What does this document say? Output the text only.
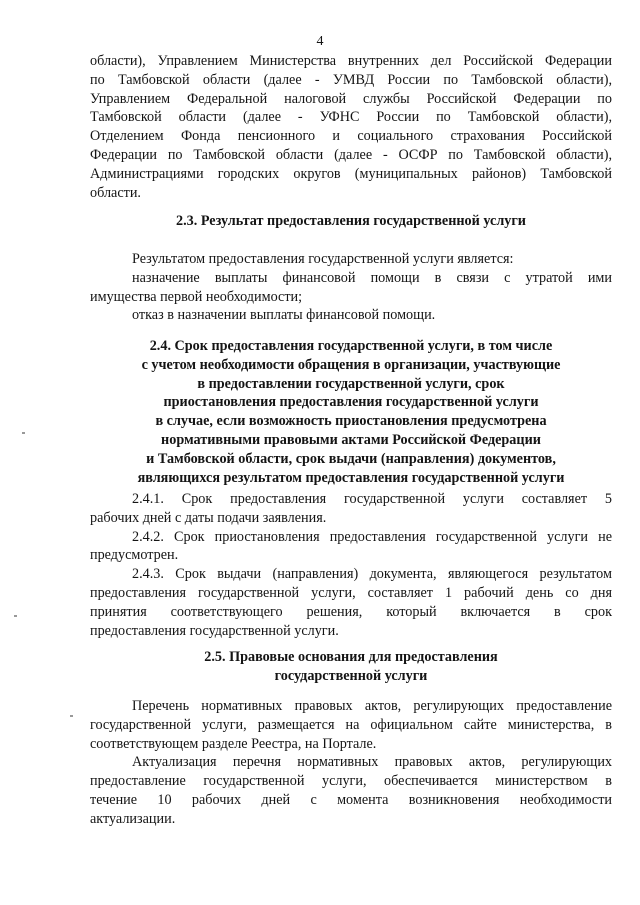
4
области), Управлением Министерства внутренних дел Российской Федерации
по Тамбовской области (далее - УМВД России по Тамбовской области),
Управлением Федеральной налоговой службы Российской Федерации по
Тамбовской области (далее - УФНС России по Тамбовской области),
Отделением Фонда пенсионного и социального страхования Российской
Федерации по Тамбовской области (далее - ОСФР по Тамбовской области),
Администрациями городских округов (муниципальных районов) Тамбовской
области.
2.3. Результат предоставления государственной услуги
Результатом предоставления государственной услуги является:
назначение выплаты финансовой помощи в связи с утратой ими
имущества первой необходимости;
отказ в назначении выплаты финансовой помощи.
2.4. Срок предоставления государственной услуги, в том числе
с учетом необходимости обращения в организации, участвующие
в предоставлении государственной услуги, срок
приостановления предоставления государственной услуги
в случае, если возможность приостановления предусмотрена
нормативными правовыми актами Российской Федерации
и Тамбовской области, срок выдачи (направления) документов,
являющихся результатом предоставления государственной услуги
2.4.1. Срок предоставления государственной услуги составляет 5
рабочих дней с даты подачи заявления.
2.4.2. Срок приостановления предоставления государственной услуги не
предусмотрен.
2.4.3. Срок выдачи (направления) документа, являющегося результатом
предоставления государственной услуги, составляет 1 рабочий день со дня
принятия соответствующего решения, который включается в срок
предоставления государственной услуги.
2.5. Правовые основания для предоставления
государственной услуги
Перечень нормативных правовых актов, регулирующих предоставление
государственной услуги, размещается на официальном сайте министерства, в
соответствующем разделе Реестра, на Портале.
Актуализация перечня нормативных правовых актов, регулирующих
предоставление государственной услуги, обеспечивается министерством в
течение 10 рабочих дней с момента возникновения необходимости
актуализации.
